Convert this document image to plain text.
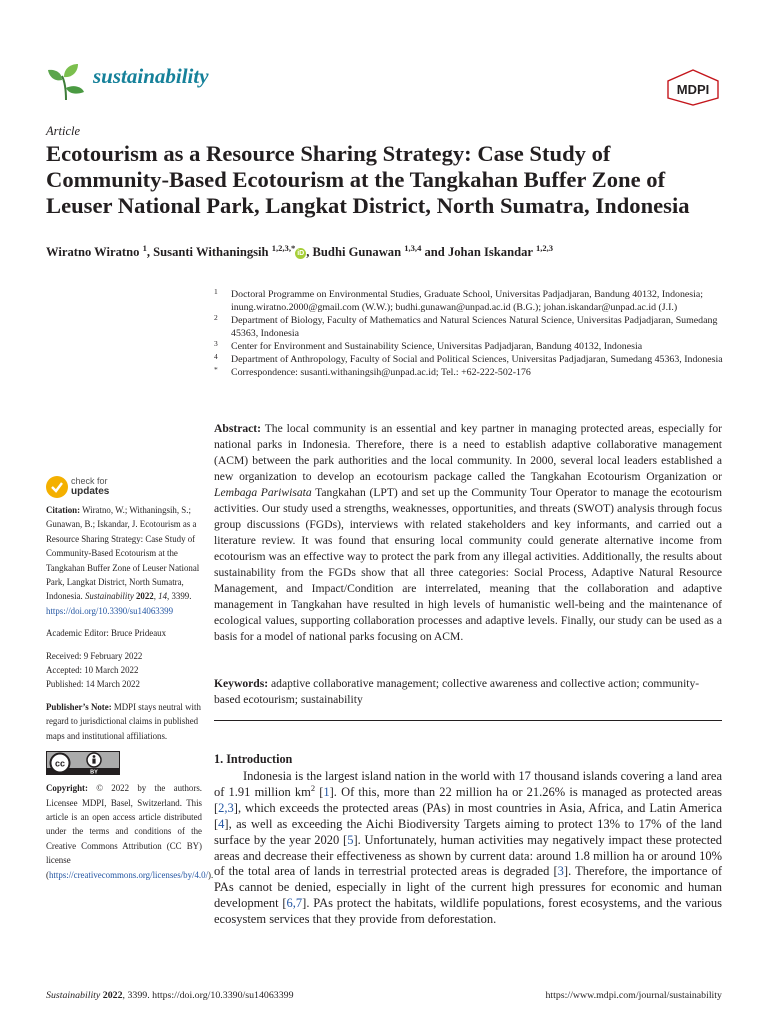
sustainability
MDPI
Article
Ecotourism as a Resource Sharing Strategy: Case Study of Community-Based Ecotourism at the Tangkahan Buffer Zone of Leuser National Park, Langkat District, North Sumatra, Indonesia
Wiratno Wiratno $^1$, Susanti Withaningsih $^{1,2,3,*}$iD , Budhi Gunawan $^{1,3,4}$ and Johan Iskandar $^{1,2,3}$
1 Doctoral Programme on Environmental Studies, Graduate School, Universitas Padjadjaran, Bandung 40132, Indonesia; inung.wiratno.2000@gmail.com (W.W.); budhi.gunawan@unpad.ac.id (B.G.); johan.iskandar@unpad.ac.id (J.I.)
2 Department of Biology, Faculty of Mathematics and Natural Sciences Natural Science, Universitas Padjadjaran, Sumedang 45363, Indonesia
3 Center for Environment and Sustainability Science, Universitas Padjadjaran, Bandung 40132, Indonesia
4 Department of Anthropology, Faculty of Social and Political Sciences, Universitas Padjadjaran, Sumedang 45363, Indonesia
* Correspondence: susanti.withaningsih@unpad.ac.id; Tel.: +62-222-502-176
check for
updates
Citation: Wiratno, W.; Withaningsih, S.; Gunawan, B.; Iskandar, J. Ecotourism as a Resource Sharing Strategy: Case Study of Community-Based Ecotourism at the Tangkahan Buffer Zone of Leuser National Park, Langkat District, North Sumatra, Indonesia. Sustainability 2022, 14, 3399. https://doi.org/10.3390/su14063399
Academic Editor: Bruce Prideaux
Received: 9 February 2022
Accepted: 10 March 2022
Published: 14 March 2022
Publisher’s Note: MDPI stays neutral with regard to jurisdictional claims in published maps and institutional affiliations.
cc
BY
Copyright: © 2022 by the authors. Licensee MDPI, Basel, Switzerland. This article is an open access article distributed under the terms and conditions of the Creative Commons Attribution (CC BY) license (https://creativecommons.org/licenses/by/4.0/).
Abstract: The local community is an essential and key partner in managing protected areas, especially for national parks in Indonesia. Therefore, there is a need to establish adaptive collaborative management (ACM) between the park authorities and the local community. In 2000, several local leaders established a new organization to develop an ecotourism package called the Tangkahan Ecotourism Organization or Lembaga Pariwisata Tangkahan (LPT) and set up the Community Tour Operator to manage the ecotourism activities. Our study used a strengths, weaknesses, opportunities, and threats (SWOT) analysis through focus group discussions (FGDs), interviews with related stakeholders and key informants, and carried out a literature review. It was found that ensuring local community could generate alternative income from ecotourism was an effective way to protect the park from any illegal activities. Additionally, the results about sustainability from the FGDs show that all three categories: Social Process, Adaptive Natural Resource Management, and Impact/Condition are interrelated, meaning that the collaboration and adaptive management in Tangkahan have resulted in high levels of humanistic well-being and the maintenance of ecological values, supporting collaboration processes and adaptive levels. Finally, our study can be used as a basis for a model of national parks focusing on ACM.
Keywords: adaptive collaborative management; collective awareness and collective action; community-based ecotourism; sustainability
1. Introduction
Indonesia is the largest island nation in the world with 17 thousand islands covering a land area of 1.91 million $km^2$ [1]. Of this, more than 22 million ha or 21.26% is managed as protected areas [2,3], which exceeds the protected areas (PAs) in most countries in Asia, Africa, and Latin America [4], as well as exceeding the Aichi Biodiversity Targets aiming to protect 13% to 17% of the land surface by the year 2020 [5]. Unfortunately, human activities may negatively impact these protected areas and decrease their effectiveness as shown by current data: around 1.8 million ha or around 10% of the total area of lands in terrestrial protected areas is degraded [3]. Therefore, the importance of PAs cannot be denied, especially in light of the current high pressures for economic and human development [6,7]. PAs protect the habitats, wildlife populations, forest ecosystems, and the various ecosystem services that they provide from deforestation.
Sustainability 2022, 3399. https://doi.org/10.3390/su14063399	https://www.mdpi.com/journal/sustainability
